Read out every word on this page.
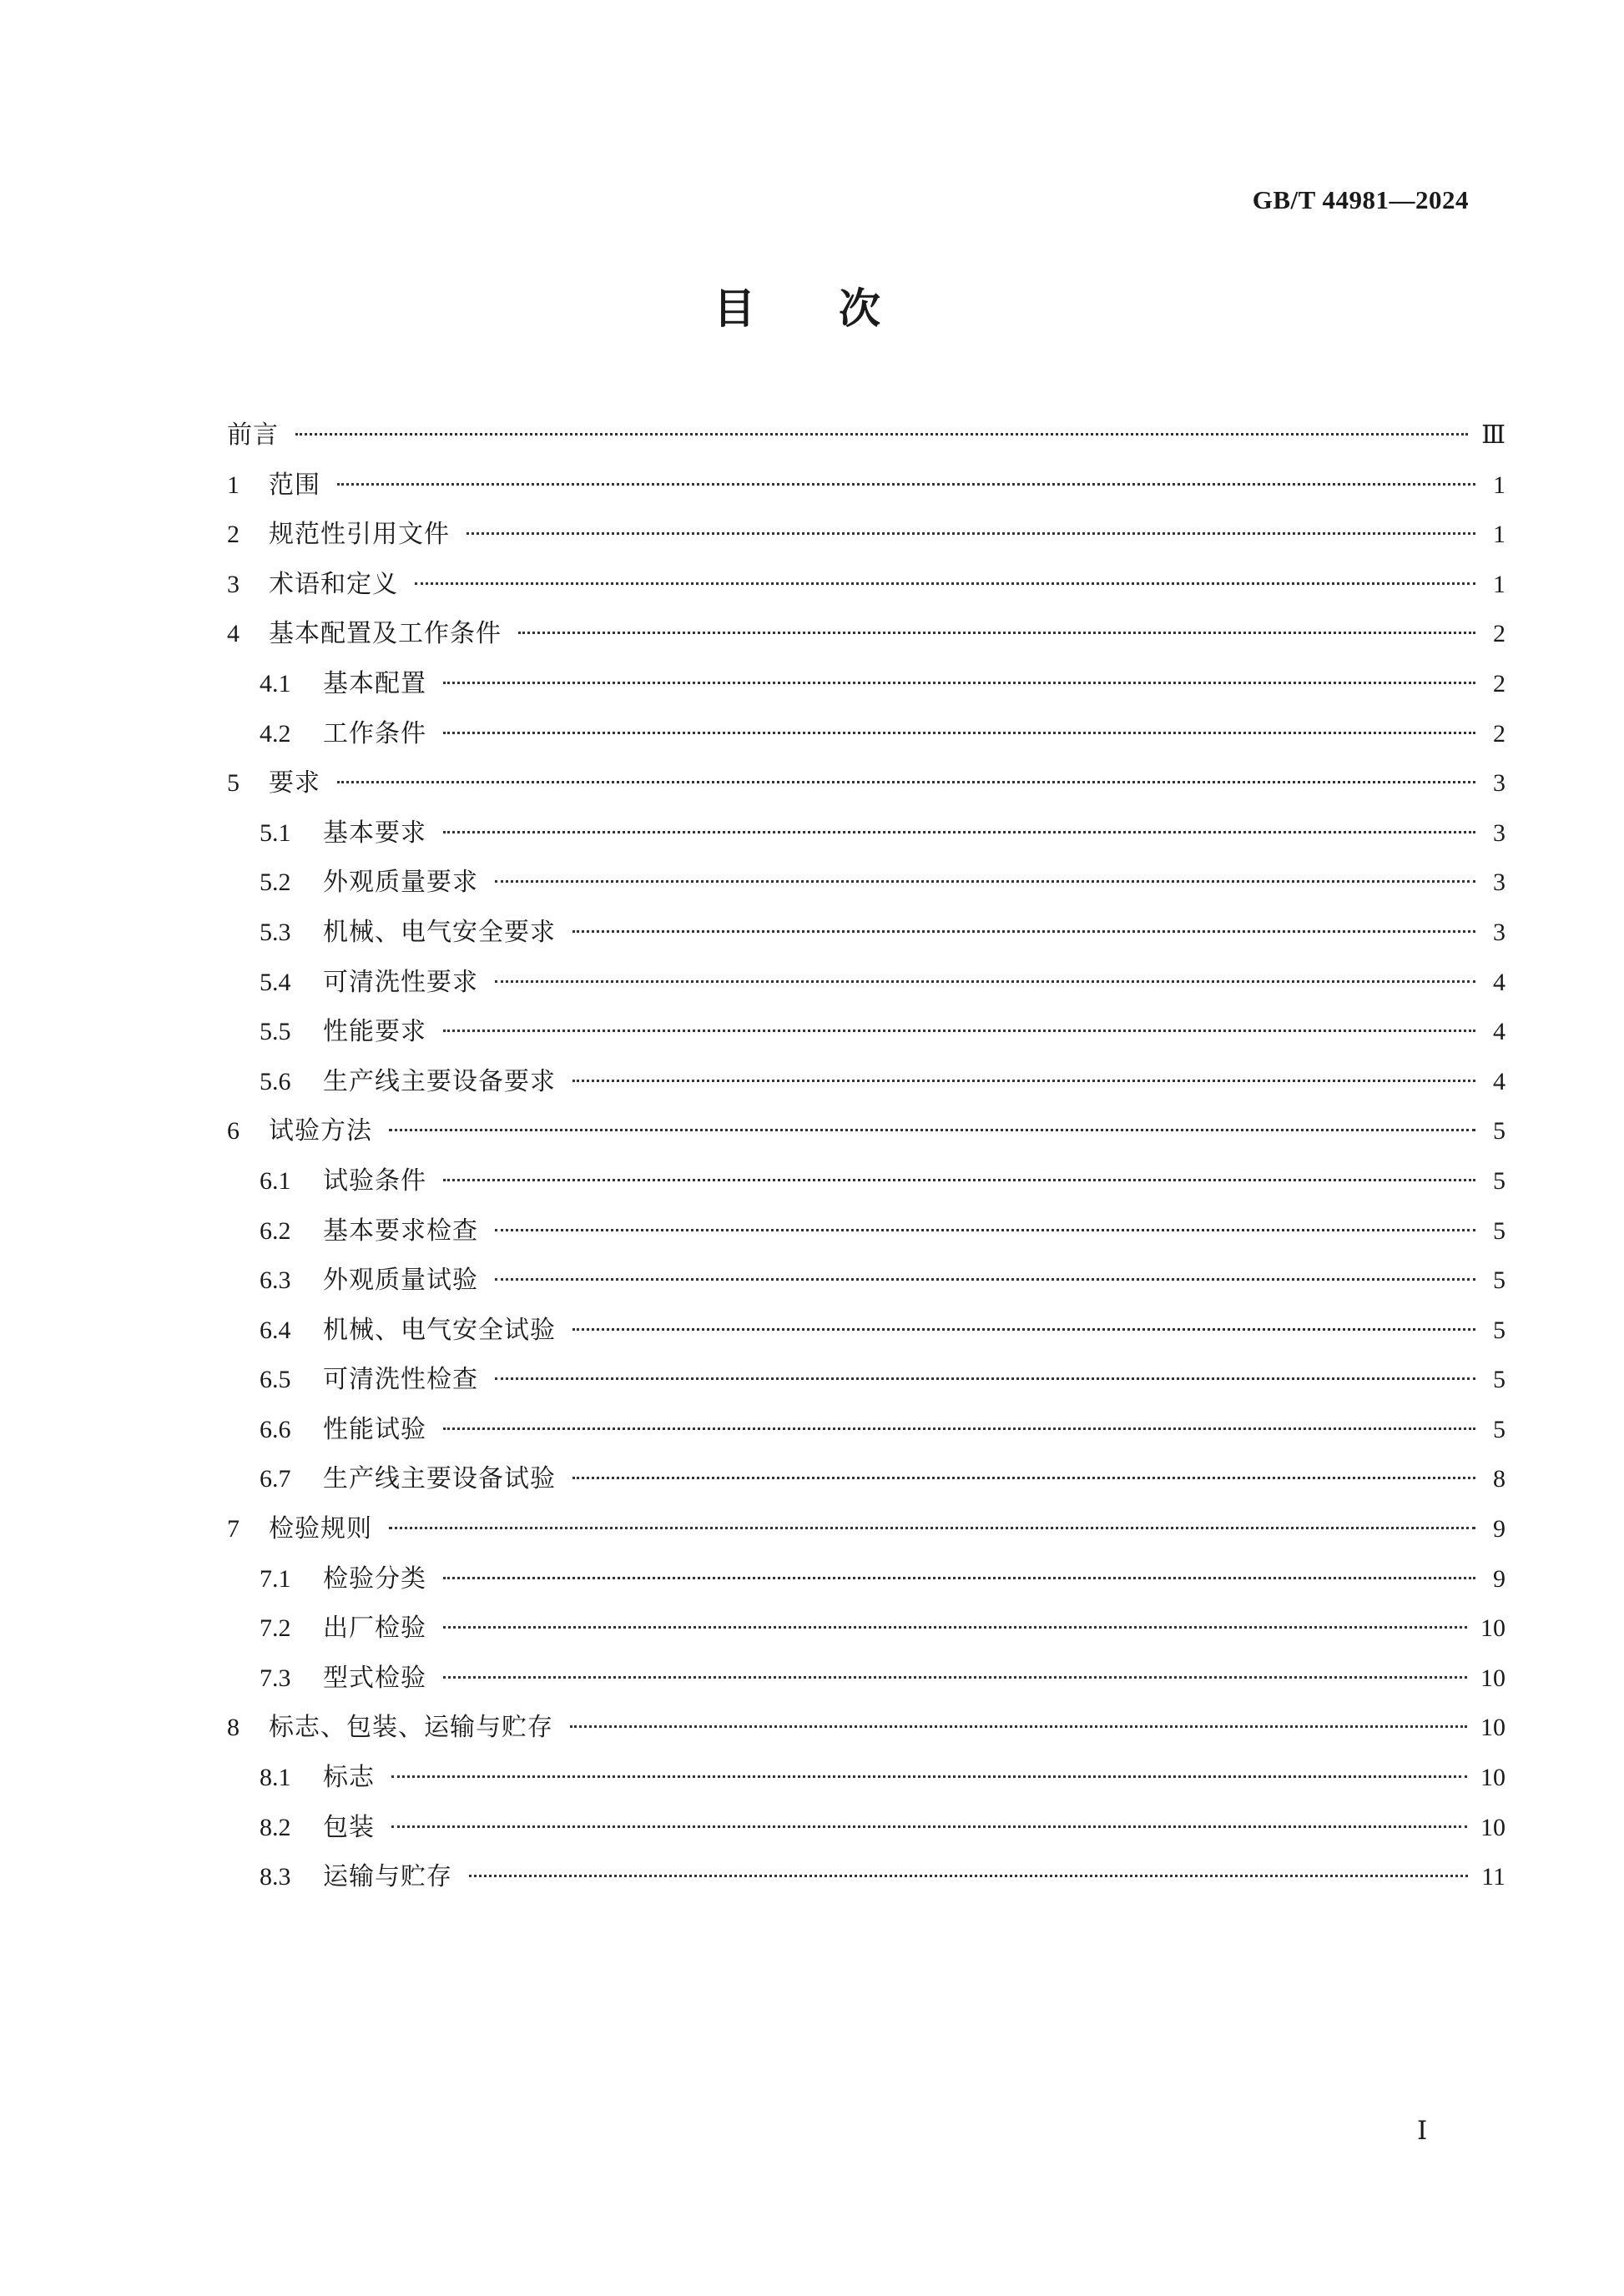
GB/T 44981—2024
目次
前言	Ⅲ
1	范围	1
2	规范性引用文件	1
3	术语和定义	1
4	基本配置及工作条件	2
4.1	基本配置	2
4.2	工作条件	2
5	要求	3
5.1	基本要求	3
5.2	外观质量要求	3
5.3	机械、电气安全要求	3
5.4	可清洗性要求	4
5.5	性能要求	4
5.6	生产线主要设备要求	4
6	试验方法	5
6.1	试验条件	5
6.2	基本要求检查	5
6.3	外观质量试验	5
6.4	机械、电气安全试验	5
6.5	可清洗性检查	5
6.6	性能试验	5
6.7	生产线主要设备试验	8
7	检验规则	9
7.1	检验分类	9
7.2	出厂检验	10
7.3	型式检验	10
8	标志、包装、运输与贮存	10
8.1	标志	10
8.2	包装	10
8.3	运输与贮存	11
Ⅰ
